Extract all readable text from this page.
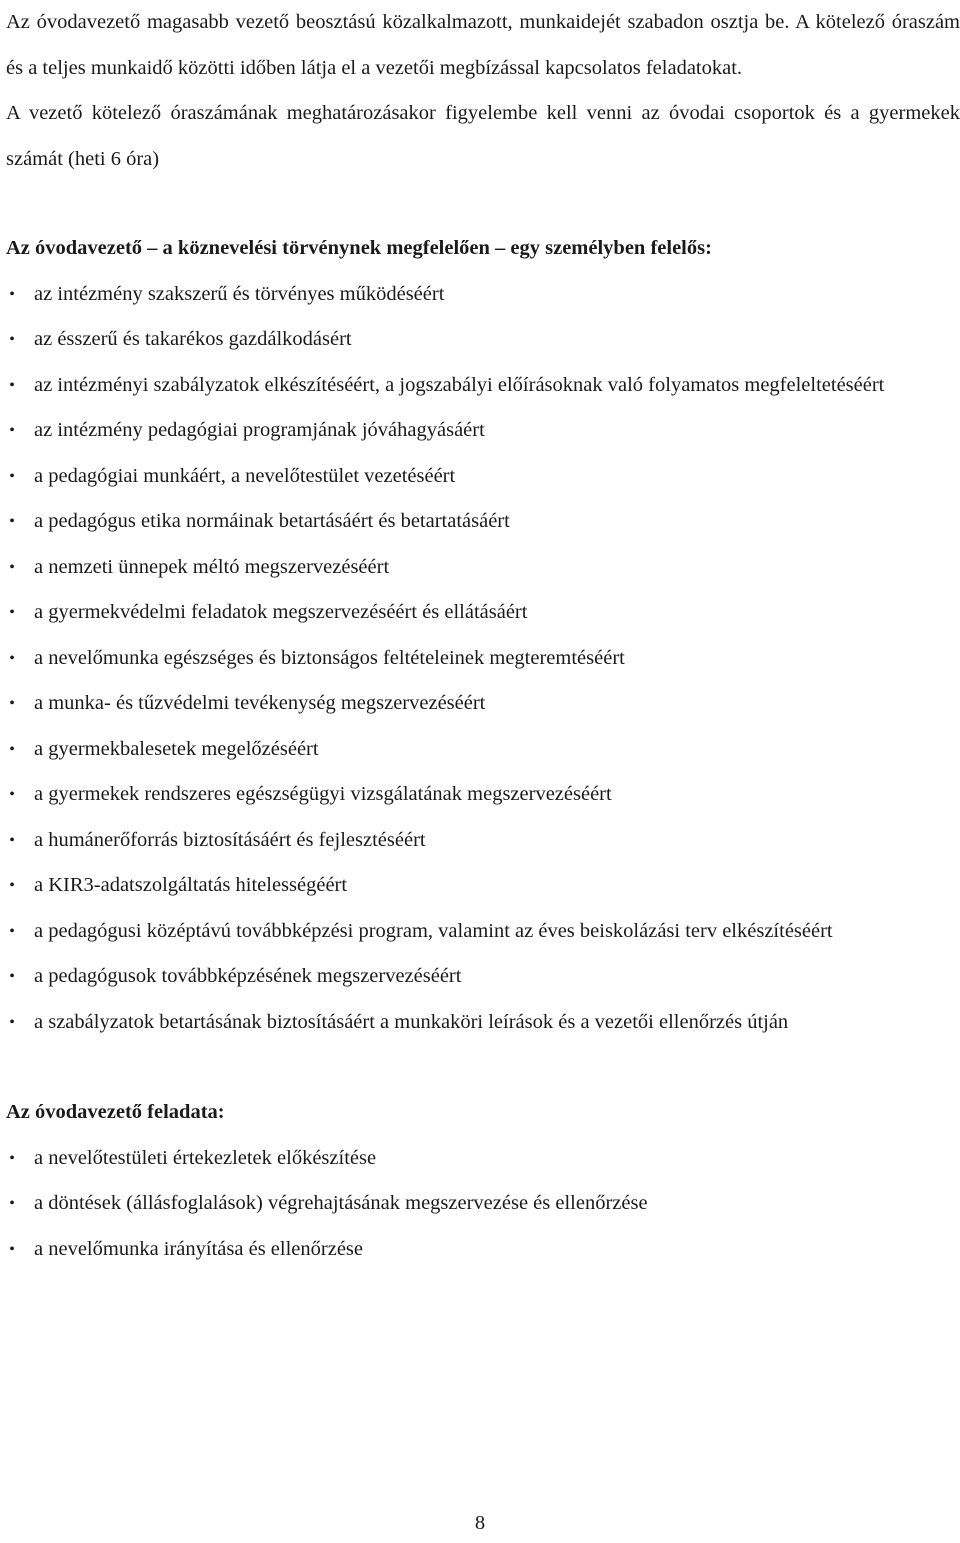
Az óvodavezető magasabb vezető beosztású közalkalmazott, munkaidejét szabadon osztja be. A kötelező óraszám és a teljes munkaidő közötti időben látja el a vezetői megbízással kapcsolatos feladatokat.

A vezető kötelező óraszámának meghatározásakor figyelembe kell venni az óvodai csoportok és a gyermekek számát (heti 6 óra)

Az óvodavezető – a köznevelési törvénynek megfelelően – egy személyben felelős:

• az intézmény szakszerű és törvényes működéséért
• az ésszerű és takarékos gazdálkodásért
• az intézményi szabályzatok elkészítéséért, a jogszabályi előírásoknak való folyamatos megfeleltetéséért
• az intézmény pedagógiai programjának jóváhagyásáért
• a pedagógiai munkáért, a nevelőtestület vezetéséért
• a pedagógus etika normáinak betartásáért és betartatásáért
• a nemzeti ünnepek méltó megszervezéséért
• a gyermekvédelmi feladatok megszervezéséért és ellátásáért
• a nevelőmunka egészséges és biztonságos feltételeinek megteremtéséért
• a munka- és tűzvédelmi tevékenység megszervezéséért
• a gyermekbalesetek megelőzéséért
• a gyermekek rendszeres egészségügyi vizsgálatának megszervezéséért
• a humánerőforrás biztosításáért és fejlesztéséért
• a KIR3-adatszolgáltatás hitelességéért
• a pedagógusi középtávú továbbképzési program, valamint az éves beiskolázási terv elkészítéséért
• a pedagógusok továbbképzésének megszervezéséért
• a szabályzatok betartásának biztosításáért a munkaköri leírások és a vezetői ellenőrzés útján

Az óvodavezető feladata:

• a nevelőtestületi értekezletek előkészítése
• a döntések (állásfoglalások) végrehajtásának megszervezése és ellenőrzése
• a nevelőmunka irányítása és ellenőrzése
8
